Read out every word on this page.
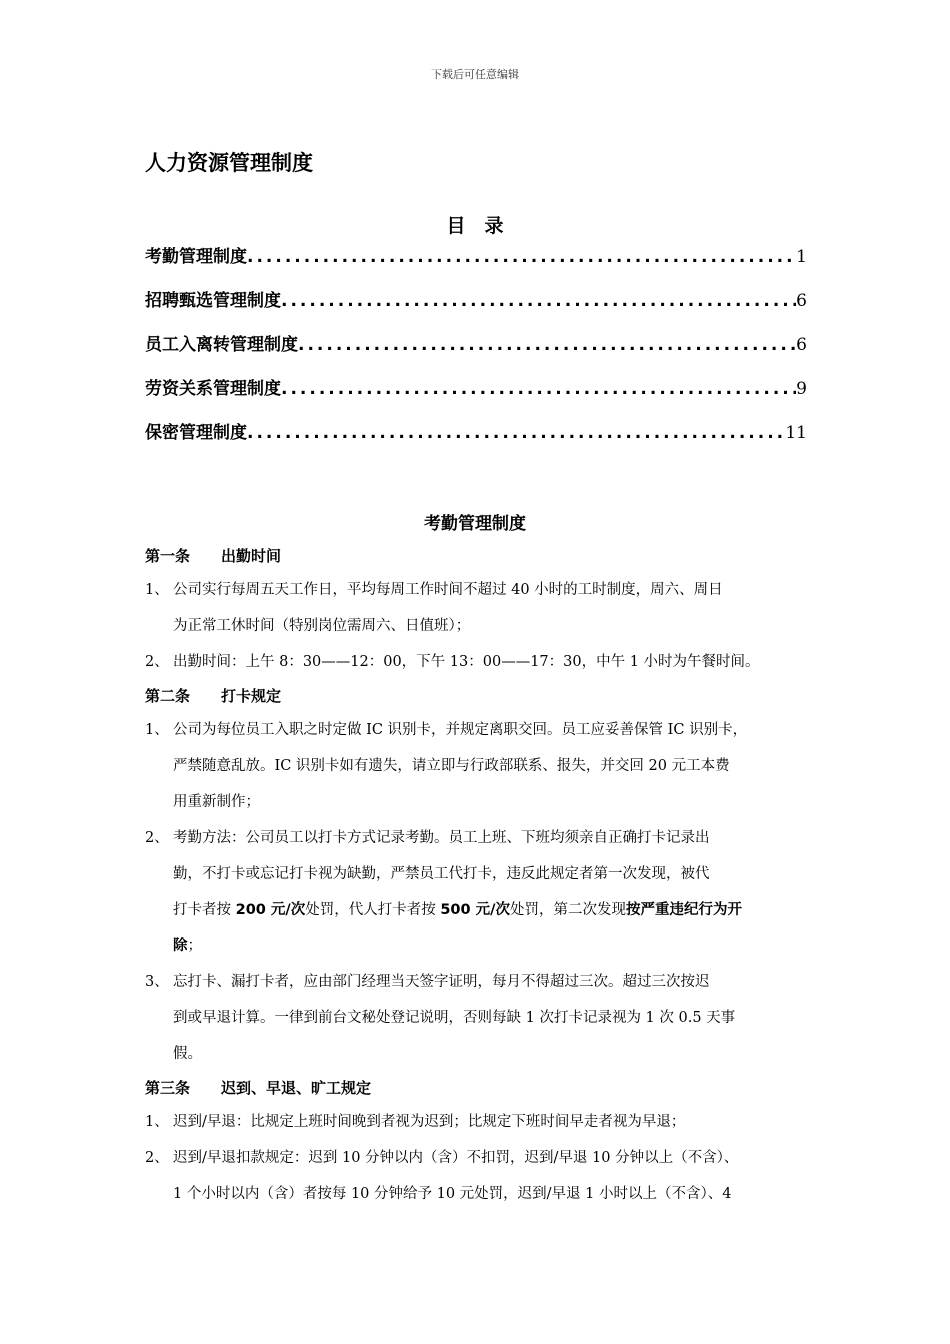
下载后可任意编辑
人力资源管理制度
目　录
考勤管理制度 .....	1
招聘甄选管理制度 .....	6
员工入离转管理制度 .....	6
劳资关系管理制度 .....	9
保密管理制度 .....	11
考勤管理制度
第一条 出勤时间
1、 公司实行每周五天工作日，平均每周工作时间不超过 40 小时的工时制度，周六、周日
为正常工休时间（特别岗位需周六、日值班）；
2、 出勤时间：上午 8：30——12：00，下午 13：00——17：30，中午 1 小时为午餐时间。
第二条 打卡规定
1、 公司为每位员工入职之时定做 IC 识别卡，并规定离职交回。员工应妥善保管 IC 识别卡，
严禁随意乱放。IC 识别卡如有遗失，请立即与行政部联系、报失，并交回 20 元工本费
用重新制作；
2、 考勤方法：公司员工以打卡方式记录考勤。员工上班、下班均须亲自正确打卡记录出
勤，不打卡或忘记打卡视为缺勤，严禁员工代打卡，违反此规定者第一次发现，被代
打卡者按 200 元/次处罚，代人打卡者按 500 元/次处罚，第二次发现按严重违纪行为开
除；
3、 忘打卡、漏打卡者，应由部门经理当天签字证明，每月不得超过三次。超过三次按迟
到或早退计算。一律到前台文秘处登记说明，否则每缺 1 次打卡记录视为 1 次 0.5 天事
假。
第三条 迟到、早退、旷工规定
1、 迟到/早退：比规定上班时间晚到者视为迟到；比规定下班时间早走者视为早退；
2、 迟到/早退扣款规定：迟到 10 分钟以内（含）不扣罚，迟到/早退 10 分钟以上（不含）、
1 个小时以内（含）者按每 10 分钟给予 10 元处罚，迟到/早退 1 小时以上（不含）、4
